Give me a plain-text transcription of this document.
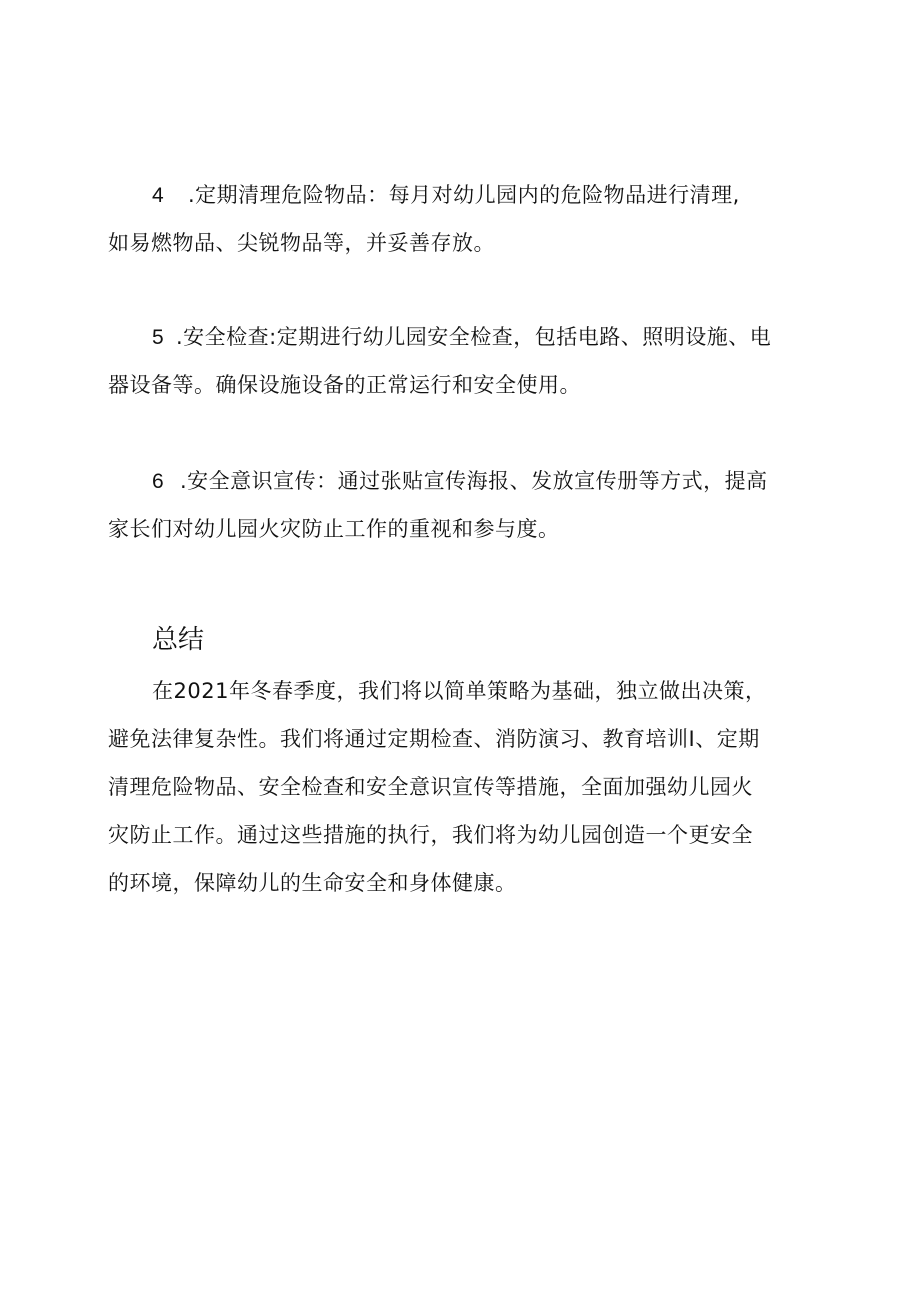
4 .定期清理危险物品：每月对幼儿园内的危险物品进行清理,
如易燃物品、尖锐物品等，并妥善存放。
5 .安全检查:定期进行幼儿园安全检查，包括电路、照明设施、电
器设备等。确保设施设备的正常运行和安全使用。
6 .安全意识宣传：通过张贴宣传海报、发放宣传册等方式，提高
家长们对幼儿园火灾防止工作的重视和参与度。
总结
在2021年冬春季度，我们将以简单策略为基础，独立做出决策，
避免法律复杂性。我们将通过定期检查、消防演习、教育培训I、定期
清理危险物品、安全检查和安全意识宣传等措施，全面加强幼儿园火
灾防止工作。通过这些措施的执行，我们将为幼儿园创造一个更安全
的环境，保障幼儿的生命安全和身体健康。
